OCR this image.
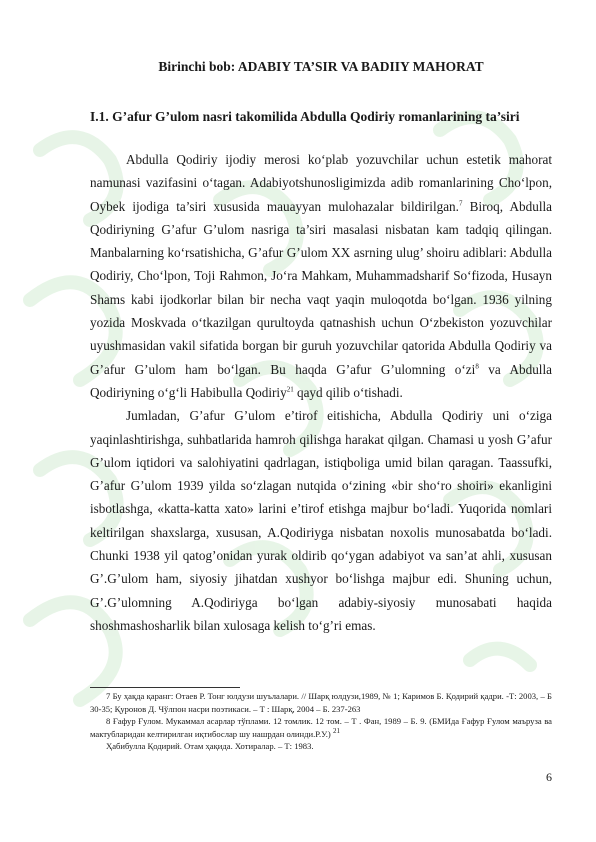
Birinchi bob: ADABIY TA’SIR VA BADIIY MAHORAT
I.1. G’afur G’ulom nasri takomilida Abdulla Qodiriy romanlarining ta’siri

Abdulla Qodiriy ijodiy merosi ko‘plab yozuvchilar uchun estetik mahorat namunasi vazifasini o‘tagan. Adabiyotshunosligimizda adib romanlarining Cho‘lpon, Oybek ijodiga ta’siri xususida mauayyan mulohazalar bildirilgan.$^7$ Biroq, Abdulla Qodiriyning G’afur G’ulom nasriga ta’siri masalasi nisbatan kam tadqiq qilingan. Manbalarning ko‘rsatishicha, G’afur G’ulom XX asrning ulug’ shoiru adiblari: Abdulla Qodiriy, Cho‘lpon, Toji Rahmon, Jo‘ra Mahkam, Muhammadsharif So‘fizoda, Husayn Shams kabi ijodkorlar bilan bir necha vaqt yaqin muloqotda bo‘lgan. 1936 yilning yozida Moskvada o‘tkazilgan qurultoyda qatnashish uchun O‘zbekiston yozuvchilar uyushmasidan vakil sifatida borgan bir guruh yozuvchilar qatorida Abdulla Qodiriy va G’afur G’ulom ham bo‘lgan. Bu haqda G’afur G’ulomning $o‘zi^8$ va Abdulla Qodiriyning o‘g‘li Habibulla Qodiriy$^{21}$ qayd qilib o‘tishadi.

Jumladan, G’afur G’ulom e’tirof eitishicha, Abdulla Qodiriy uni o‘ziga yaqinlashtirishga, suhbatlarida hamroh qilishga harakat qilgan. Chamasi u yosh G’afur G’ulom iqtidori va salohiyatini qadrlagan, istiqboliga umid bilan qaragan. Taassufki, G’afur G’ulom 1939 yilda so‘zlagan nutqida o‘zining «bir sho‘ro shoiri» ekanligini isbotlashga, «katta-katta xato» larini e’tirof etishga majbur bo‘ladi. Yuqorida nomlari keltirilgan shaxslarga, xususan, A.Qodiriyga nisbatan noxolis munosabatda bo‘ladi. Chunki 1938 yil qatog’onidan yurak oldirib qo‘ygan adabiyot va san’at ahli, xususan G’.G’ulom ham, siyosiy jihatdan xushyor bo‘lishga majbur edi. Shuning uchun, G’.G’ulomning A.Qodiriyga bo‘lgan adabiy-siyosiy munosabati haqida shoshmashosharlik bilan xulosaga kelish to‘g’ri emas.

7 Бу ҳақда қаранг: Отаев Р. Тонг юлдузи шуълалари. // Шарқ юлдузи,1989, № 1; Каримов Б. Қодирий қадри. -Т: 2003, – Б 30-35; Қуронов Д. Чўлпон насри поэтикаси. – Т : Шарқ, 2004 – Б. 237-263

8 Ғафур Ғулом. Мукаммал асарлар тўплами. 12 томлик. 12 том. – Т . Фан, 1989 – Б. 9. (БМИда Ғафур Ғулом маъруза ва мактубларидан келтирилган иқтибослар шу нашрдан олинди.Р.У.) $^{21}$

Ҳабибулла Қодирий. Отам ҳақида. Хотиралар. – Т: 1983.

6
